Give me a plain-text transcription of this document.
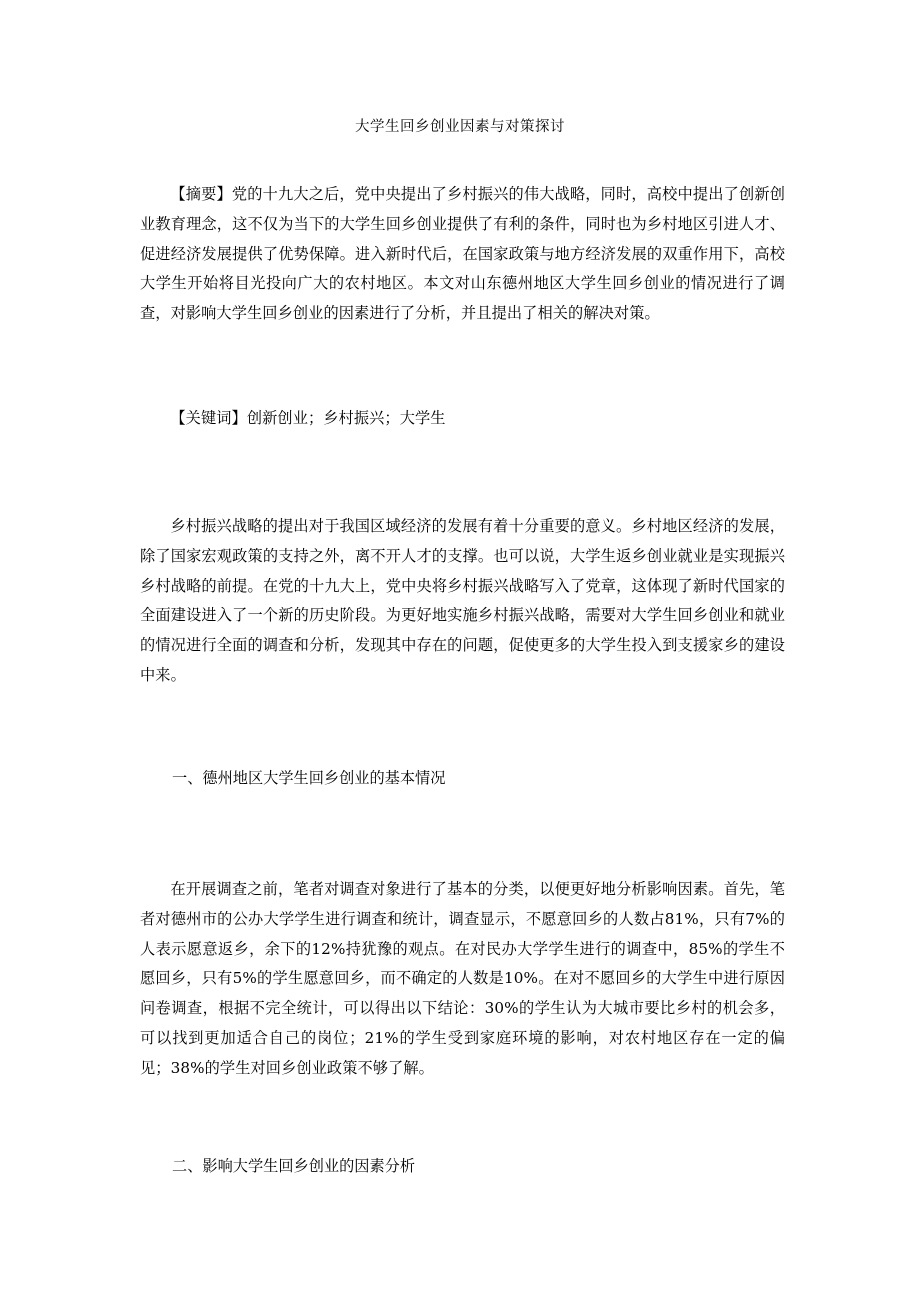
大学生回乡创业因素与对策探讨

【摘要】党的十九大之后，党中央提出了乡村振兴的伟大战略，同时，高校中提出了创新创业教育理念，这不仅为当下的大学生回乡创业提供了有利的条件，同时也为乡村地区引进人才、促进经济发展提供了优势保障。进入新时代后，在国家政策与地方经济发展的双重作用下，高校大学生开始将目光投向广大的农村地区。本文对山东德州地区大学生回乡创业的情况进行了调查，对影响大学生回乡创业的因素进行了分析，并且提出了相关的解决对策。

【关键词】创新创业；乡村振兴；大学生

乡村振兴战略的提出对于我国区域经济的发展有着十分重要的意义。乡村地区经济的发展，除了国家宏观政策的支持之外，离不开人才的支撑。也可以说，大学生返乡创业就业是实现振兴乡村战略的前提。在党的十九大上，党中央将乡村振兴战略写入了党章，这体现了新时代国家的全面建设进入了一个新的历史阶段。为更好地实施乡村振兴战略，需要对大学生回乡创业和就业的情况进行全面的调查和分析，发现其中存在的问题，促使更多的大学生投入到支援家乡的建设中来。

一、德州地区大学生回乡创业的基本情况

在开展调查之前，笔者对调查对象进行了基本的分类，以便更好地分析影响因素。首先，笔者对德州市的公办大学学生进行调查和统计，调查显示，不愿意回乡的人数占81%，只有7%的人表示愿意返乡，余下的12%持犹豫的观点。在对民办大学学生进行的调查中，85%的学生不愿回乡，只有5%的学生愿意回乡，而不确定的人数是10%。在对不愿回乡的大学生中进行原因问卷调查，根据不完全统计，可以得出以下结论：30%的学生认为大城市要比乡村的机会多，可以找到更加适合自己的岗位；21%的学生受到家庭环境的影响，对农村地区存在一定的偏见；38%的学生对回乡创业政策不够了解。

二、影响大学生回乡创业的因素分析
